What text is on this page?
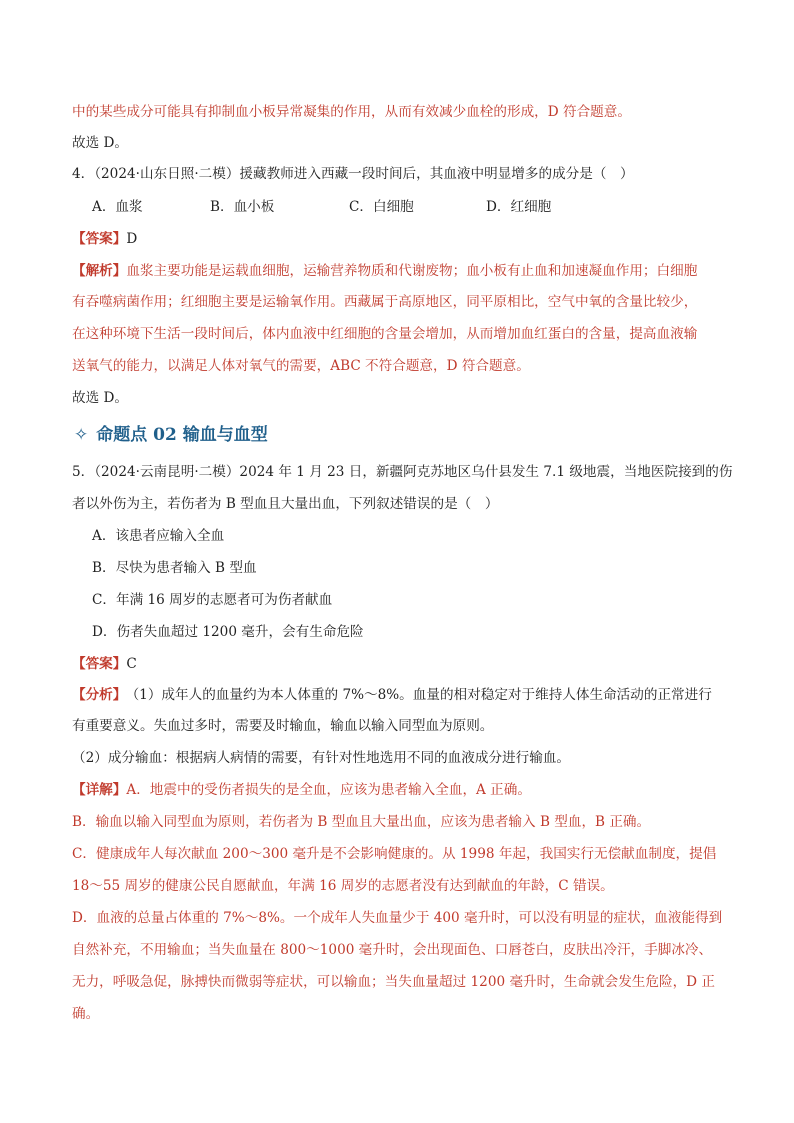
中的某些成分可能具有抑制血小板异常凝集的作用，从而有效减少血栓的形成，D 符合题意。
故选 D。
4．（2024·山东日照·二模）援藏教师进入西藏一段时间后，其血液中明显增多的成分是（　）
A．血浆	B．血小板	C．白细胞	D．红细胞
【答案】D
【解析】血浆主要功能是运载血细胞，运输营养物质和代谢废物；血小板有止血和加速凝血作用；白细胞
有吞噬病菌作用；红细胞主要是运输氧作用。西藏属于高原地区，同平原相比，空气中氧的含量比较少，
在这种环境下生活一段时间后，体内血液中红细胞的含量会增加，从而增加血红蛋白的含量，提高血液输
送氧气的能力，以满足人体对氧气的需要，ABC 不符合题意，D 符合题意。
故选 D。
✧ 命题点 02 输血与血型
5．（2024·云南昆明·二模）2024 年 1 月 23 日，新疆阿克苏地区乌什县发生 7.1 级地震，当地医院接到的伤
者以外伤为主，若伤者为 B 型血且大量出血，下列叙述错误的是（　）
A．该患者应输入全血
B．尽快为患者输入 B 型血
C．年满 16 周岁的志愿者可为伤者献血
D．伤者失血超过 1200 毫升，会有生命危险
【答案】C
【分析】 （1）成年人的血量约为本人体重的 7%～8%。血量的相对稳定对于维持人体生命活动的正常进行
有重要意义。失血过多时，需要及时输血，输血以输入同型血为原则。
（2）成分输血：根据病人病情的需要，有针对性地选用不同的血液成分进行输血。
【详解】A．地震中的受伤者损失的是全血，应该为患者输入全血，A 正确。
B．输血以输入同型血为原则，若伤者为 B 型血且大量出血，应该为患者输入 B 型血，B 正确。
C．健康成年人每次献血 200～300 毫升是不会影响健康的。从 1998 年起，我国实行无偿献血制度，提倡
18～55 周岁的健康公民自愿献血，年满 16 周岁的志愿者没有达到献血的年龄，C 错误。
D．血液的总量占体重的 7%～8%。一个成年人失血量少于 400 毫升时，可以没有明显的症状，血液能得到
自然补充，不用输血；当失血量在 800～1000 毫升时，会出现面色、口唇苍白，皮肤出冷汗，手脚冰冷、
无力，呼吸急促，脉搏快而微弱等症状，可以输血；当失血量超过 1200 毫升时，生命就会发生危险，D 正
确。
